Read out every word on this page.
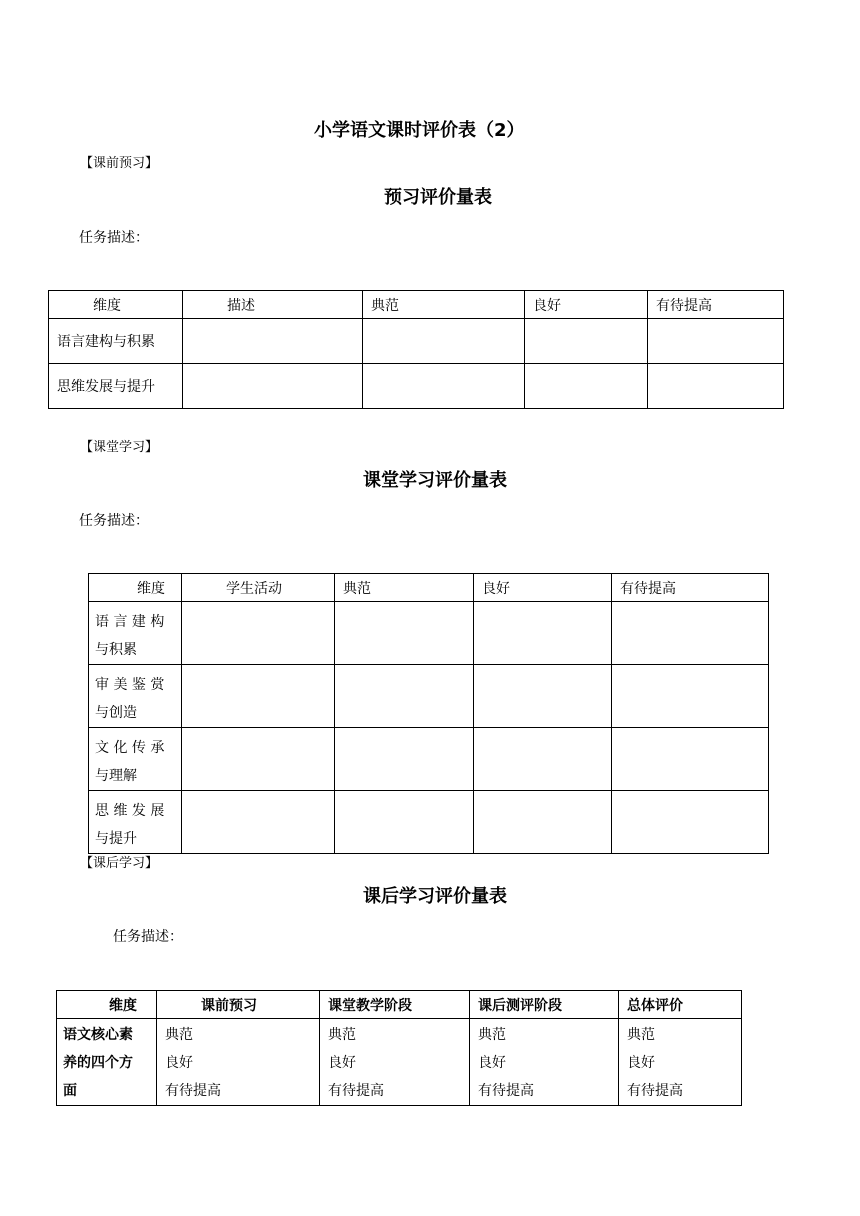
小学语文课时评价表（2）
【课前预习】
预习评价量表
任务描述：
维度	描述	典范	良好	有待提高
语言建构与积累				
思维发展与提升				
【课堂学习】
课堂学习评价量表
任务描述：
维度	学生活动	典范	良好	有待提高

语 言 建 构
与积累				

审 美 鉴 赏
与创造				

文 化 传 承
与理解				

思 维 发 展
与提升				

【课后学习】
课后学习评价量表
任务描述：
维度	课前预习	课堂教学阶段	课后测评阶段	总体评价

语文核心素
养的四个方
面	典范
良好
有待提高	典范
良好
有待提高	典范
良好
有待提高	典范
良好
有待提高
